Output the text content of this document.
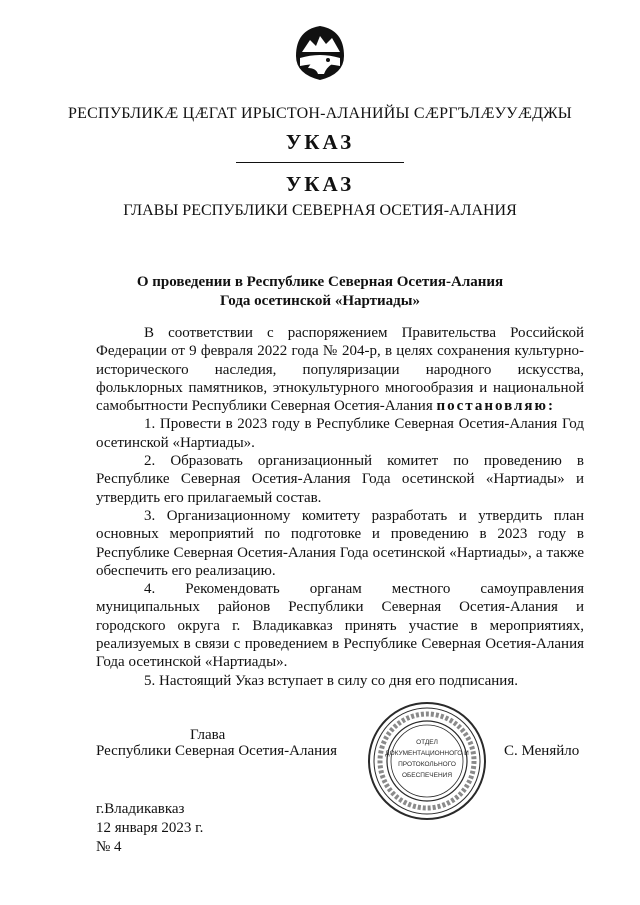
РЕСПУБЛИКÆ ЦÆГАТ ИРЫСТОН-АЛАНИЙЫ СÆРГЪЛÆУУÆДЖЫ
УКАЗ
УКАЗ
ГЛАВЫ РЕСПУБЛИКИ СЕВЕРНАЯ ОСЕТИЯ-АЛАНИЯ
О проведении в Республике Северная Осетия-Алания
Года осетинской «Нартиады»

В соответствии с распоряжением Правительства Российской Федерации от 9 февраля 2022 года № 204-р, в целях сохранения культурно-исторического наследия, популяризации народного искусства, фольклорных памятников, этнокультурного многообразия и национальной самобытности Республики Северная Осетия-Алания постановляю:

1. Провести в 2023 году в Республике Северная Осетия-Алания Год осетинской «Нартиады».

2. Образовать организационный комитет по проведению в Республике Северная Осетия-Алания Года осетинской «Нартиады» и утвердить его прилагаемый состав.

3. Организационному комитету разработать и утвердить план основных мероприятий по подготовке и проведению в 2023 году в Республике Северная Осетия-Алания Года осетинской «Нартиады», а также обеспечить его реализацию.

4. Рекомендовать органам местного самоуправления муниципальных районов Республики Северная Осетия-Алания и городского округа г. Владикавказ принять участие в мероприятиях, реализуемых в связи с проведением в Республике Северная Осетия-Алания Года осетинской «Нартиады».

5. Настоящий Указ вступает в силу со дня его подписания.

Глава
Республики Северная Осетия-Алания	С. Меняйло
ОТДЕЛ
ДОКУМЕНТАЦИОННОГО И
ПРОТОКОЛЬНОГО
ОБЕСПЕЧЕНИЯ
г.Владикавказ
12 января 2023 г.
№ 4
